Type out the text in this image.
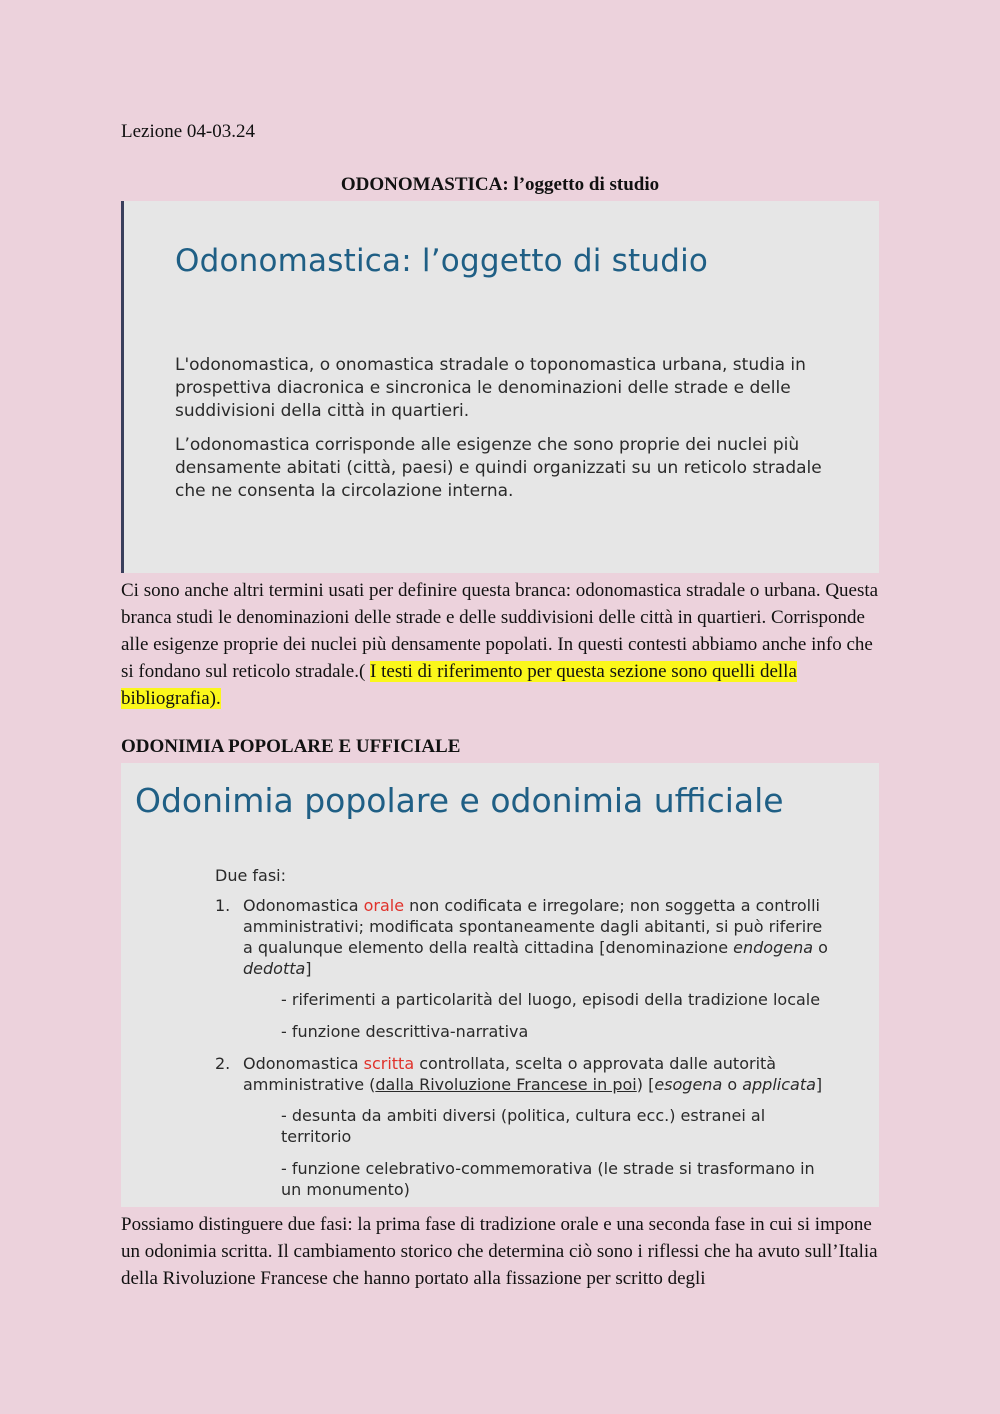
Lezione 04-03.24
ODONOMASTICA: l’oggetto di studio
Odonomastica: l’oggetto di studio
L'odonomastica, o onomastica stradale o toponomastica urbana, studia in prospettiva diacronica e sincronica le denominazioni delle strade e delle suddivisioni della città in quartieri.
L’odonomastica corrisponde alle esigenze che sono proprie dei nuclei più densamente abitati (città, paesi) e quindi organizzati su un reticolo stradale che ne consenta la circolazione interna.
Ci sono anche altri termini usati per definire questa branca: odonomastica stradale o urbana. Questa branca studi le denominazioni delle strade e delle suddivisioni delle città in quartieri. Corrisponde alle esigenze proprie dei nuclei più densamente popolati. In questi contesti abbiamo anche info che si fondano sul reticolo stradale.( I testi di riferimento per questa sezione sono quelli della bibliografia).
ODONIMIA POPOLARE E UFFICIALE
Odonimia popolare e odonimia ufficiale
Due fasi:
1. Odonomastica orale non codificata e irregolare; non soggetta a controlli amministrativi; modificata spontaneamente dagli abitanti, si può riferire a qualunque elemento della realtà cittadina [denominazione endogena o dedotta]
- riferimenti a particolarità del luogo, episodi della tradizione locale
- funzione descrittiva-narrativa
2. Odonomastica scritta controllata, scelta o approvata dalle autorità amministrative (dalla Rivoluzione Francese in poi) [esogena o applicata]
- desunta da ambiti diversi (politica, cultura ecc.) estranei al territorio
- funzione celebrativo-commemorativa (le strade si trasformano in un monumento)
Possiamo distinguere due fasi: la prima fase di tradizione orale e una seconda fase in cui si impone un odonimia scritta. Il cambiamento storico che determina ciò sono i riflessi che ha avuto sull’Italia della Rivoluzione Francese che hanno portato alla fissazione per scritto degli
